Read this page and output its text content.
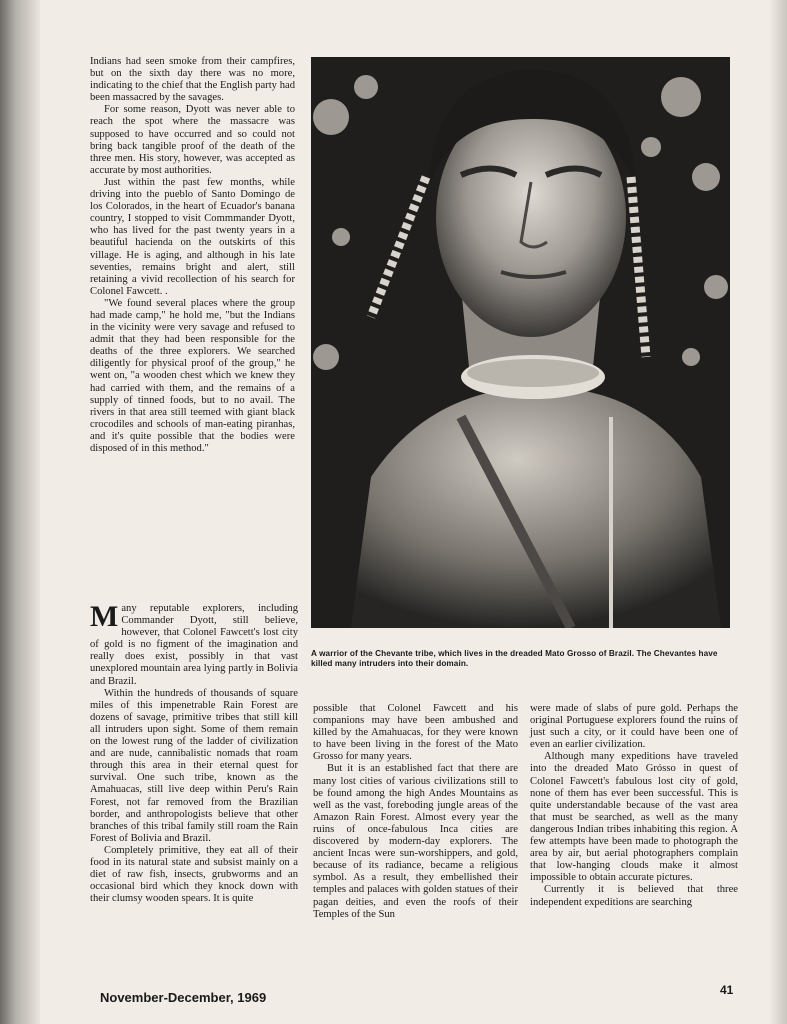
Indians had seen smoke from their campfires, but on the sixth day there was no more, indicating to the chief that the English party had been massacred by the savages.

For some reason, Dyott was never able to reach the spot where the massacre was supposed to have occurred and so could not bring back tangible proof of the death of the three men. His story, however, was accepted as accurate by most authorities.

Just within the past few months, while driving into the pueblo of Santo Domingo de los Colorados, in the heart of Ecuador's banana country, I stopped to visit Commmander Dyott, who has lived for the past twenty years in a beautiful hacienda on the outskirts of this village. He is aging, and although in his late seventies, remains bright and alert, still retaining a vivid recollection of his search for Colonel Fawcett. .

"We found several places where the group had made camp," he hold me, "but the Indians in the vicinity were very savage and refused to admit that they had been responsible for the deaths of the three explorers. We searched diligently for physical proof of the group," he went on, "a wooden chest which we knew they had carried with them, and the remains of a supply of tinned foods, but to no avail. The rivers in that area still teemed with giant black crocodiles and schools of man-eating piranhas, and it's quite possible that the bodies were disposed of in this method."

Many reputable explorers, including Commander Dyott, still believe, however, that Colonel Fawcett's lost city of gold is no figment of the imagination and really does exist, possibly in that vast unexplored mountain area lying partly in Bolivia and Brazil.

Within the hundreds of thousands of square miles of this impenetrable Rain Forest are dozens of savage, primitive tribes that still kill all intruders upon sight. Some of them remain on the lowest rung of the ladder of civilization and are nude, cannibalistic nomads that roam through this area in their eternal quest for survival. One such tribe, known as the Amahuacas, still live deep within Peru's Rain Forest, not far removed from the Brazilian border, and anthropologists believe that other branches of this tribal family still roam the Rain Forest of Bolivia and Brazil.

Completely primitive, they eat all of their food in its natural state and subsist mainly on a diet of raw fish, insects, grubworms and an occasional bird which they knock down with their clumsy wooden spears. It is quite

A warrior of the Chevante tribe, which lives in the dreaded Mato Grosso of Brazil. The Chevantes have killed many intruders into their domain.

possible that Colonel Fawcett and his companions may have been ambushed and killed by the Amahuacas, for they were known to have been living in the forest of the Mato Grosso for many years.

But it is an established fact that there are many lost cities of various civilizations still to be found among the high Andes Mountains as well as the vast, foreboding jungle areas of the Amazon Rain Forest. Almost every year the ruins of once-fabulous Inca cities are discovered by modern-day explorers. The ancient Incas were sun-worshippers, and gold, because of its radiance, became a religious symbol. As a result, they embellished their temples and palaces with golden statues of their pagan deities, and even the roofs of their Temples of the Sun

were made of slabs of pure gold. Perhaps the original Portuguese explorers found the ruins of just such a city, or it could have been one of even an earlier civilization.

Although many expeditions have traveled into the dreaded Mato Grósso in quest of Colonel Fawcett's fabulous lost city of gold, none of them has ever been successful. This is quite understandable because of the vast area that must be searched, as well as the many dangerous Indian tribes inhabiting this region. A few attempts have been made to photograph the area by air, but aerial photographers complain that low-hanging clouds make it almost impossible to obtain accurate pictures.

Currently it is believed that three independent expeditions are searching

November-December, 1969	41
